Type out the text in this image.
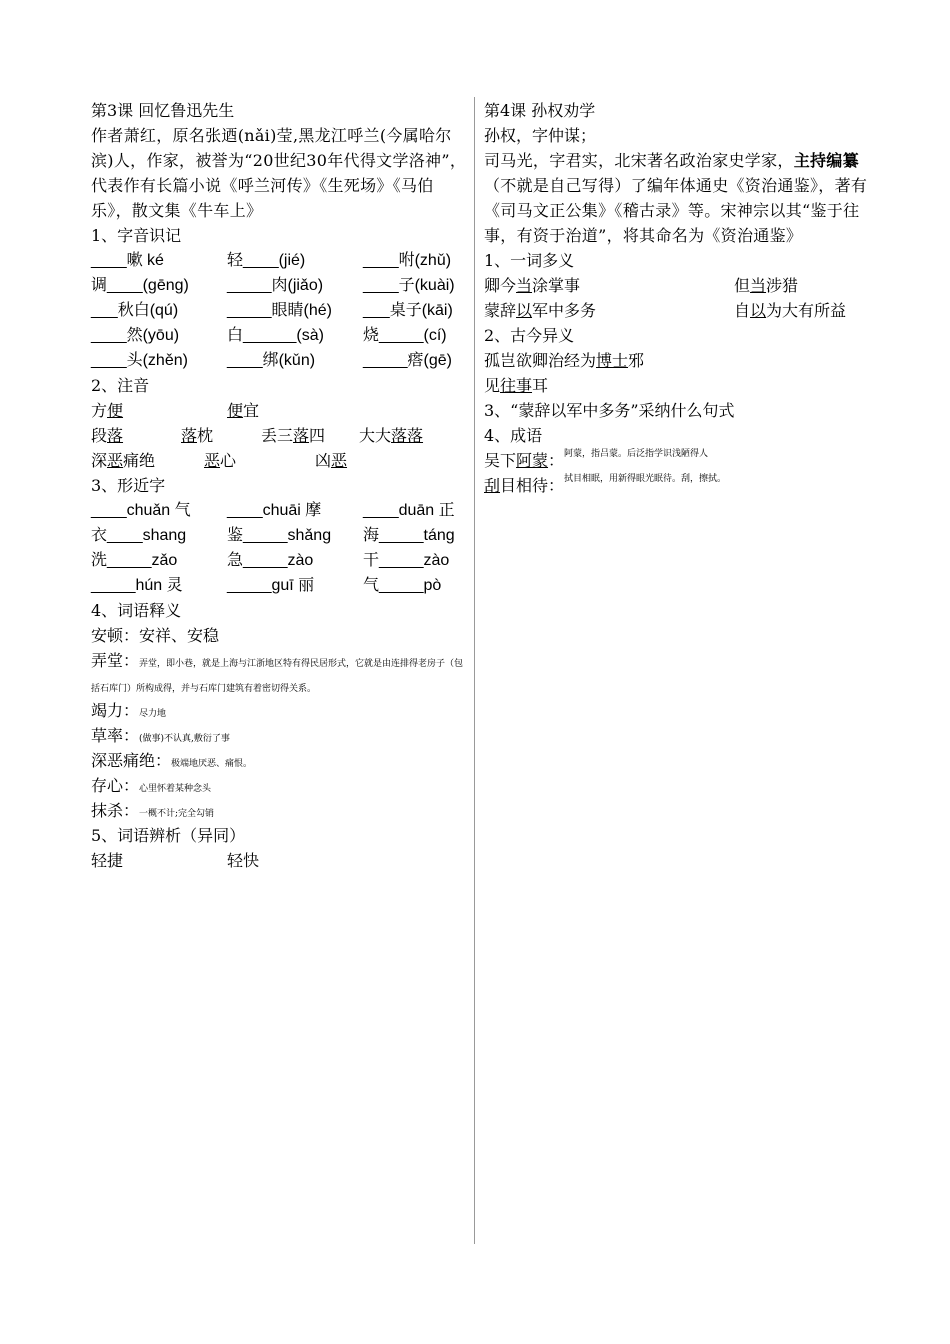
第3课 回忆鲁迅先生
作者萧红，原名张迺(nǎi)莹,黑龙江呼兰(今属哈尔滨)人，作家，被誉为“20世纪30年代得文学洛神”，代表作有长篇小说《呼兰河传》《生死场》《马伯乐》，散文集《牛车上》
1、字音识记
____嗽 ké	轻____(jié)	____咐(zhǔ)
调____(gēng)	_____肉(jiǎo)	____子(kuài)
___秋白(qú)	_____眼睛(hé)	___桌子(kāi)
____然(yōu)	白______(sà)	烧_____(cí)
____头(zhěn)	____绑(kǔn)	_____瘩(gē)
2、注音
方便	便宜
段落	落枕	丢三落四	大大落落
深恶痛绝	恶心	凶恶
3、形近字
____chuǎn 气	____chuāi 摩	____duān 正
衣____shang	鉴_____shǎng	海_____táng
洗_____zǎo	急_____zào	干_____zào
_____hún 灵	_____guī 丽	气_____pò
4、词语释义
安顿：安祥、安稳
弄堂：弄堂，即小巷，就是上海与江浙地区特有得民居形式，它就是由连排得老房子（包括石库门）所构成得，并与石库门建筑有着密切得关系。
竭力：尽力地
草率：(做事)不认真,敷衍了事
深恶痛绝：极端地厌恶、痛恨。
存心：心里怀着某种念头
抹杀：一概不计;完全勾销
5、词语辨析（异同）
轻捷	轻快
第4课 孙权劝学
孙权，字仲谋；
司马光，字君实，北宋著名政治家史学家，主持编纂（不就是自己写得）了编年体通史《资治通鉴》，著有《司马文正公集》《稽古录》等。宋神宗以其“鉴于往事，有资于治道”，将其命名为《资治通鉴》
1、一词多义
卿今当涂掌事	但当涉猎
蒙辞以军中多务	自以为大有所益
2、古今异义
孤岂欲卿治经为 博士 邪
见 往事 耳
3、“蒙辞以军中多务”采纳什么句式
4、成语
吴下 阿蒙 ： 阿蒙，指吕蒙。后泛指学识浅陋得人
刮 目相待 ： 拭目相眠，用新得眼光眠待。刮，擦拭。
